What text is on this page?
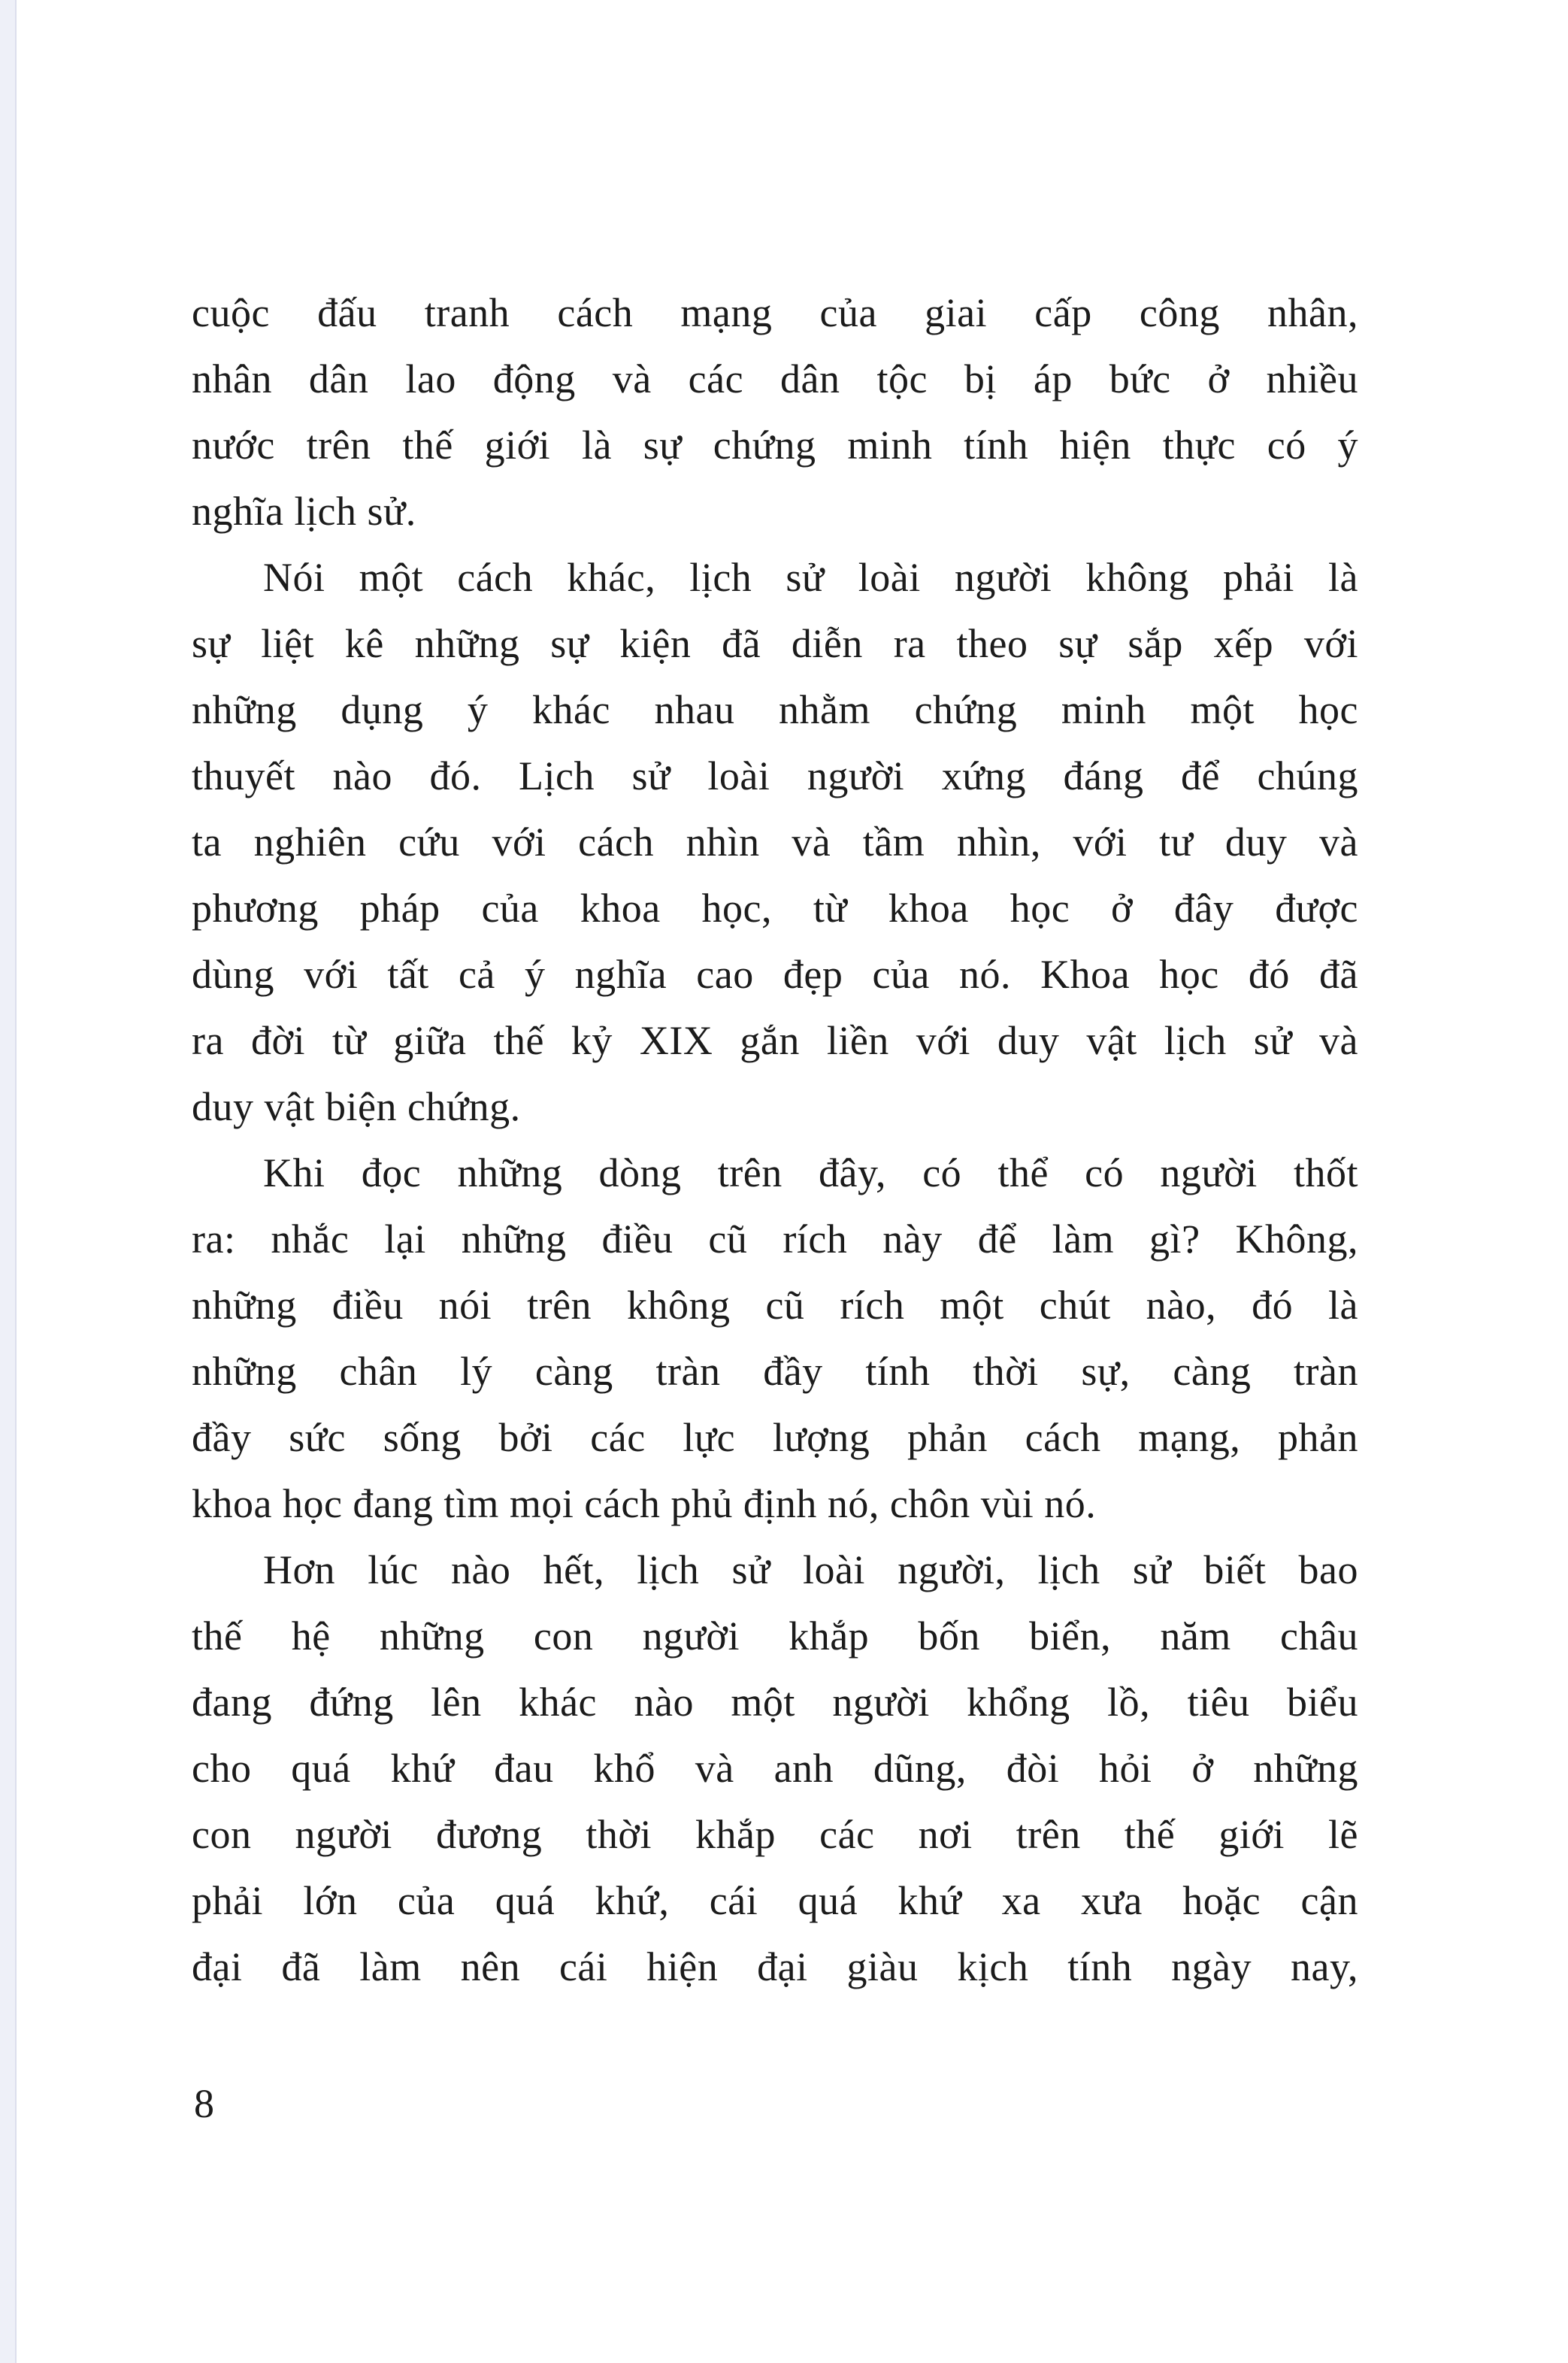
cuộc đấu tranh cách mạng của giai cấp công nhân,
nhân dân lao động và các dân tộc bị áp bức ở nhiều
nước trên thế giới là sự chứng minh tính hiện thực có ý
nghĩa lịch sử.
Nói một cách khác, lịch sử loài người không phải là
sự liệt kê những sự kiện đã diễn ra theo sự sắp xếp với
những dụng ý khác nhau nhằm chứng minh một học
thuyết nào đó. Lịch sử loài người xứng đáng để chúng
ta nghiên cứu với cách nhìn và tầm nhìn, với tư duy và
phương pháp của khoa học, từ khoa học ở đây được
dùng với tất cả ý nghĩa cao đẹp của nó. Khoa học đó đã
ra đời từ giữa thế kỷ XIX gắn liền với duy vật lịch sử và
duy vật biện chứng.
Khi đọc những dòng trên đây, có thể có người thốt
ra: nhắc lại những điều cũ rích này để làm gì? Không,
những điều nói trên không cũ rích một chút nào, đó là
những chân lý càng tràn đầy tính thời sự, càng tràn
đầy sức sống bởi các lực lượng phản cách mạng, phản
khoa học đang tìm mọi cách phủ định nó, chôn vùi nó.
Hơn lúc nào hết, lịch sử loài người, lịch sử biết bao
thế hệ những con người khắp bốn biển, năm châu
đang đứng lên khác nào một người khổng lồ, tiêu biểu
cho quá khứ đau khổ và anh dũng, đòi hỏi ở những
con người đương thời khắp các nơi trên thế giới lẽ
phải lớn của quá khứ, cái quá khứ xa xưa hoặc cận
đại đã làm nên cái hiện đại giàu kịch tính ngày nay,
8
